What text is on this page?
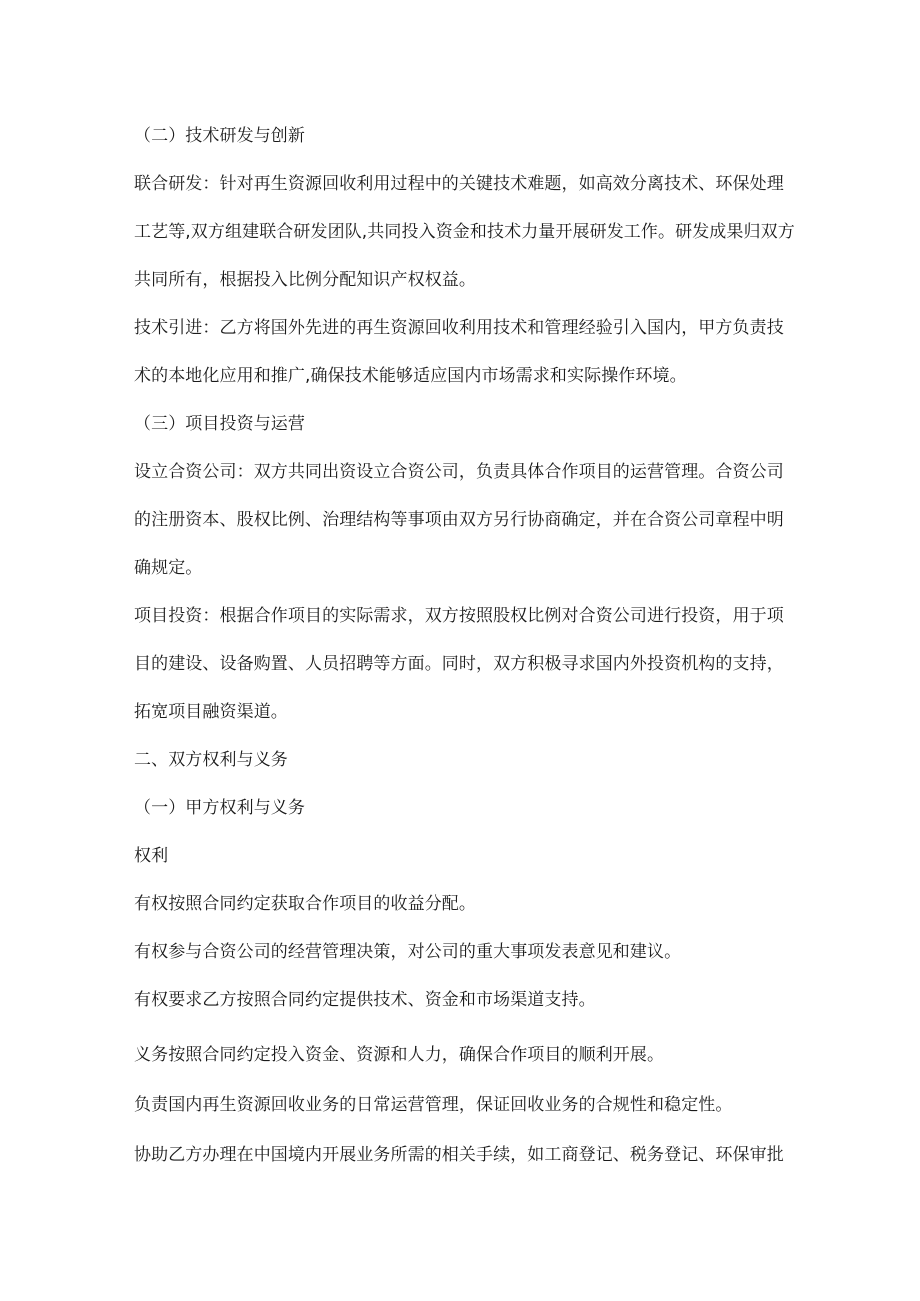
（二）技术研发与创新

联合研发：针对再生资源回收利用过程中的关键技术难题，如高效分离技术、环保处理

工艺等,双方组建联合研发团队,共同投入资金和技术力量开展研发工作。研发成果归双方

共同所有，根据投入比例分配知识产权权益。

技术引进：乙方将国外先进的再生资源回收利用技术和管理经验引入国内，甲方负责技

术的本地化应用和推广,确保技术能够适应国内市场需求和实际操作环境。

（三）项目投资与运营

设立合资公司：双方共同出资设立合资公司，负责具体合作项目的运营管理。合资公司

的注册资本、股权比例、治理结构等事项由双方另行协商确定，并在合资公司章程中明

确规定。

项目投资：根据合作项目的实际需求，双方按照股权比例对合资公司进行投资，用于项

目的建设、设备购置、人员招聘等方面。同时，双方积极寻求国内外投资机构的支持，

拓宽项目融资渠道。

二、双方权利与义务

（一）甲方权利与义务

权利

有权按照合同约定获取合作项目的收益分配。

有权参与合资公司的经营管理决策，对公司的重大事项发表意见和建议。

有权要求乙方按照合同约定提供技术、资金和市场渠道支持。

义务按照合同约定投入资金、资源和人力，确保合作项目的顺利开展。

负责国内再生资源回收业务的日常运营管理，保证回收业务的合规性和稳定性。

协助乙方办理在中国境内开展业务所需的相关手续，如工商登记、税务登记、环保审批
